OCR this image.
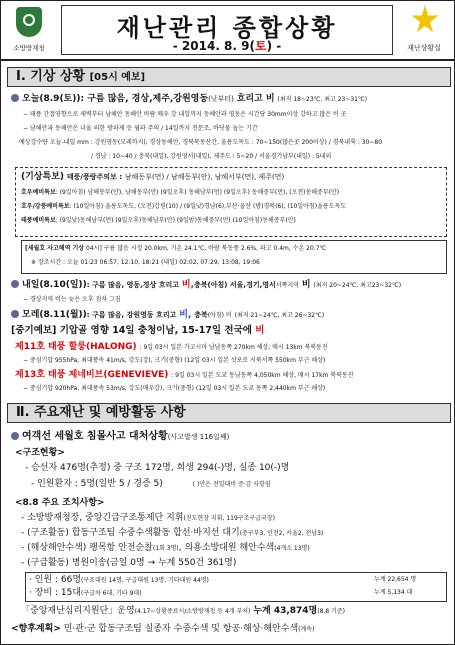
소방방재청
재난관리 종합상황
- 2014. 8. 9(토) -	재난상황실
Ⅰ. 기상 상황 [05시 예보]
오늘(8.9(토)): 구름 많음, 경상,제주,강원영동(낮부터) 흐리고 비 (최저 18~23℃, 최고 23~31℃)
− 태풍 간접영향으로 새벽부터 남해안 동해안 바람 매우 강 내일까지 동해안과 영동은 시간당 30mm이상 강하고 많은 비 곳
− 남해안과 동해안은 너울 의한 방파제 등 월파 주의 / 14일까지 천문조, 바닷물 높는 기간
예상강수량 오늘-내일 mm : 강원영동(모레까지), 경상동해안, 경북북동산간, 울릉도독도 : 70~150(많은곳 200이상) / 경북내륙 : 30~80
/ 경남 : 10~40 / 충북(내일), 강원영서(내일), 제주도 : 5~20 / 서울경기남부(내일) : 5내외
(기상특보) 태풍/풍랑주의보 : 남해동부(먼) / 남해동부(안), 남해서부(먼), 제주(먼)
호우예비특보: (9일아침) 남해동부(안), 남해동부(안) (9일오후) 동해남부(먼) (9일오후) 동해중부(먼), (오전)동해중부(안)
호우/강풍예비특보: (10일아침) 울릉도독도, (오전)강원(10) / (9일낮)경남(6),부산·울산 (밤)경북(6), (10일아침)울릉도독도
태풍예비특보: (9일낮)동해남부(먼) (9일오후)동해남부(안) (9일밤)동해중부(먼) (10일아침)동해중부(안)
[세월호 사고해역 기상 04시] 구름 많음 시정 20.0km, 기온 24.1℃, 바람 북동풍 2.6%, 파고 0.4m, 수온 20.7℃
※ 장조시간 : 오늘 01:23 06:57, 12:10, 18:21 (내일) 02:02, 07:29, 13:08, 19:06
내일(8.10(일)): 구름 많음, 영동,경상 흐리고 비,충북(아침) 서울,경기,영서서쪽지역 비 (최저 20~24℃, 최고23~32℃)
− 경상지역 비는 늦은 오후 점차 그침
모레(8.11(월)): 구름 많음, 강원영동 흐리고 비, 충북(아침) 비 (최저 21~24℃, 최고 26~32℃)
[중기예보] 기압골 영향 14일 충청이남, 15-17일 전국에 비
제11호 태풍 할룽(HALONG) : 9일 03시 일본 가고시마 남남동쪽 270km 해상, 매시 13km 북북동진
− 중심기압 955hPa, 최대풍속 41m/s, 강도(강), 크기(중형) (12일 03시 일본 삿포로 서북서쪽 550km 부근 해상)
제13호 태풍 제네비브(GENEVIEVE) : 9일 03시 일본 도쿄 동남동쪽 4,050km 해상, 매시 17km 북북동진
− 중심기압 920hPa, 최대풍속 53m/s, 강도(매우강), 크기(중형) (12일 03시 일본 도쿄 동쪽 2,440km 부근 해상)
Ⅱ. 주요재난 및 예방활동 사항
여객선 세월호 침몰사고 대처상황(사고발생 116일째)
<구조현황>
- 승선자 476명(추정) 중 구조 172명, 희생 294(-)명, 실종 10(-)명
- 인원환자 : 5명(일반 5 / 경증 5)	( )안은 전일대비 증·감 사항임
<8.8 주요 조치사항>
- 소방방재청장, 중앙긴급구조통제단 지휘(진도현장 지휘, 119구조구급국장)
- (구조활동) 합동구조팀 수중수색활동 합선·바지선 대기(중구부3, 인천2, 서울2, 전남3)
- (해상해안수색) 팽목항 안전순찰(1회 3명), 의용소방대원 해안수색(4개소 13명)
- (구급활동) 병원이송(금일 0명 → 누계 550건 361명)
· 인원 : 66명(구조대원 14명, 구급대원 13명, 기타대원 44명)	누계 22,654 명
· 장비 : 15대(구급차 6대, 기타 9대)	누계 5,134 대
「중앙재난심리지원단」운영(4.17~상황종료시/소방방재청 등 4개 부처) 누계 43,874명(8.8 기준)
<향후계획> 민·관·군 합동구조팀 실종자 수중수색 및 항공·해상·해안수색(계속)
